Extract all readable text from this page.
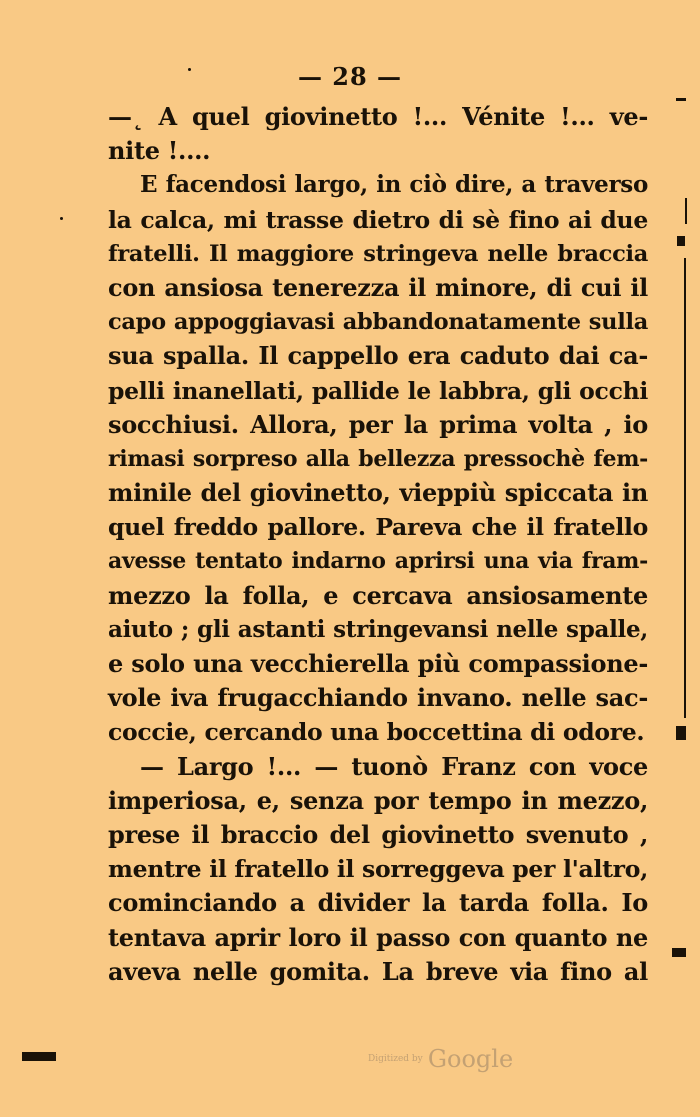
— 28 —
—˛ A quel giovinetto !... Vénite !... ve-
nite !....
E facendosi largo, in ciò dire, a traverso
la calca, mi trasse dietro di sè fino ai due
fratelli. Il maggiore stringeva nelle braccia
con ansiosa tenerezza il minore, di cui il
capo appoggiavasi abbandonatamente sulla
sua spalla. Il cappello era caduto dai ca-
pelli inanellati, pallide le labbra, gli occhi
socchiusi. Allora, per la prima volta , io
rimasi sorpreso alla bellezza pressochè fem-
minile del giovinetto, vieppiù spiccata in
quel freddo pallore. Pareva che il fratello
avesse tentato indarno aprirsi una via fram-
mezzo la folla, e cercava ansiosamente
aiuto ; gli astanti stringevansi nelle spalle,
e solo una vecchierella più compassione-
vole iva frugacchiando invano. nelle sac-
coccie, cercando una boccettina di odore.
— Largo !... — tuonò Franz con voce
imperiosa, e, senza por tempo in mezzo,
prese il braccio del giovinetto svenuto ,
mentre il fratello il sorreggeva per l'altro,
cominciando a divider la tarda folla. Io
tentava aprir loro il passo con quanto ne
aveva nelle gomita. La breve via fino al
Digitized by Google
